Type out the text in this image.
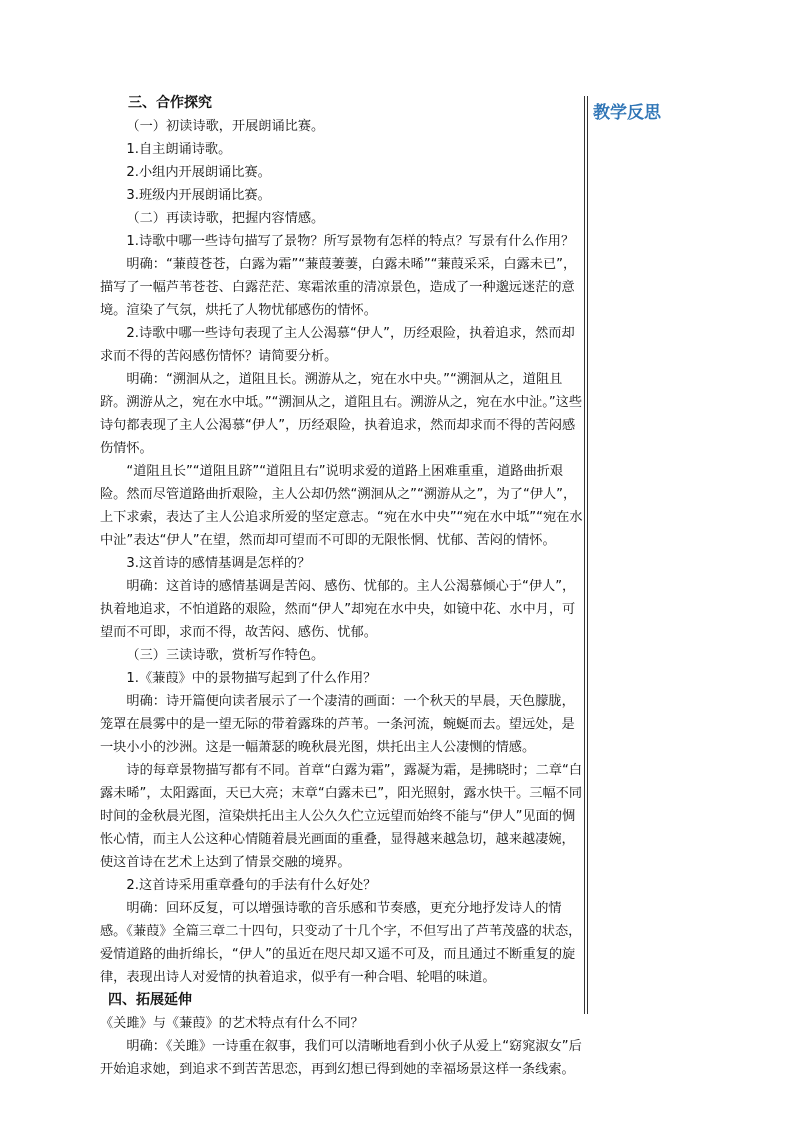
三、合作探究

（一）初读诗歌，开展朗诵比赛。

1.自主朗诵诗歌。

2.小组内开展朗诵比赛。

3.班级内开展朗诵比赛。

（二）再读诗歌，把握内容情感。

1.诗歌中哪一些诗句描写了景物？所写景物有怎样的特点？写景有什么作用？

明确：“蒹葭苍苍，白露为霜”“蒹葭萋萋，白露未晞”“蒹葭采采，白露未已”，描写了一幅芦苇苍苍、白露茫茫、寒霜浓重的清凉景色，造成了一种邈远迷茫的意境。渲染了气氛，烘托了人物忧郁感伤的情怀。

2.诗歌中哪一些诗句表现了主人公渴慕“伊人”，历经艰险，执着追求，然而却求而不得的苦闷感伤情怀？请简要分析。

明确：“溯洄从之，道阻且长。溯游从之，宛在水中央。”“溯洄从之，道阻且跻。溯游从之，宛在水中坻。”“溯洄从之，道阻且右。溯游从之，宛在水中沚。”这些诗句都表现了主人公渴慕“伊人”，历经艰险，执着追求，然而却求而不得的苦闷感伤情怀。

“道阻且长”“道阻且跻”“道阻且右”说明求爱的道路上困难重重，道路曲折艰险。然而尽管道路曲折艰险，主人公却仍然“溯洄从之”“溯游从之”，为了“伊人”，上下求索，表达了主人公追求所爱的坚定意志。“宛在水中央”“宛在水中坻”“宛在水中沚”表达“伊人”在望，然而却可望而不可即的无限怅惘、忧郁、苦闷的情怀。

3.这首诗的感情基调是怎样的？

明确：这首诗的感情基调是苦闷、感伤、忧郁的。主人公渴慕倾心于“伊人”，执着地追求，不怕道路的艰险，然而“伊人”却宛在水中央，如镜中花、水中月，可望而不可即，求而不得，故苦闷、感伤、忧郁。

（三）三读诗歌，赏析写作特色。

1.《蒹葭》中的景物描写起到了什么作用？

明确：诗开篇便向读者展示了一个凄清的画面：一个秋天的早晨，天色朦胧，笼罩在晨雾中的是一望无际的带着露珠的芦苇。一条河流，蜿蜒而去。望远处，是一块小小的沙洲。这是一幅萧瑟的晚秋晨光图，烘托出主人公凄恻的情感。

诗的每章景物描写都有不同。首章“白露为霜”，露凝为霜，是拂晓时；二章“白露未晞”，太阳露面，天已大亮；末章“白露未已”，阳光照射，露水快干。三幅不同时间的金秋晨光图，渲染烘托出主人公久久伫立远望而始终不能与“伊人”见面的惆怅心情，而主人公这种心情随着晨光画面的重叠，显得越来越急切，越来越凄婉，使这首诗在艺术上达到了情景交融的境界。

2.这首诗采用重章叠句的手法有什么好处？

明确：回环反复，可以增强诗歌的音乐感和节奏感，更充分地抒发诗人的情感。《蒹葭》全篇三章二十四句，只变动了十几个字，不但写出了芦苇茂盛的状态，爱情道路的曲折绵长，“伊人”的虽近在咫尺却又遥不可及，而且通过不断重复的旋律，表现出诗人对爱情的执着追求，似乎有一种合唱、轮唱的味道。

四、拓展延伸

《关雎》与《蒹葭》的艺术特点有什么不同？

明确：《关雎》一诗重在叙事，我们可以清晰地看到小伙子从爱上“窈窕淑女”后开始追求她，到追求不到苦苦思恋，再到幻想已得到她的幸福场景这样一条线索。

教学反思
